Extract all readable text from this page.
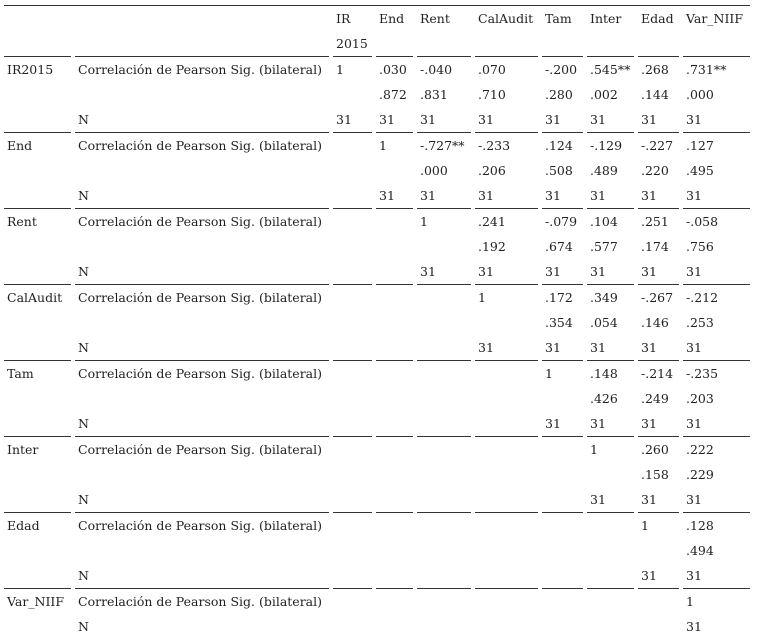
				IR		End		Rent		CalAudit		Tam		Inter		Edad		Var_NIIF
				2015														
IR2015		Correlación de Pearson Sig. (bilateral)		1		.030		-.040		.070		-.200		.545**		.268		.731**
						.872		.831		.710		.280		.002		.144		.000
		N		31		31		31		31		31		31		31		31
End		Correlación de Pearson Sig. (bilateral)				1		-.727**		-.233		.124		-.129		-.227		.127
								.000		.206		.508		.489		.220		.495
		N				31		31		31		31		31		31		31
Rent		Correlación de Pearson Sig. (bilateral)						1		.241		-.079		.104		.251		-.058
										.192		.674		.577		.174		.756
		N						31		31		31		31		31		31
CalAudit		Correlación de Pearson Sig. (bilateral)								1		.172		.349		-.267		-.212
												.354		.054		.146		.253
		N								31		31		31		31		31
Tam		Correlación de Pearson Sig. (bilateral)										1		.148		-.214		-.235
														.426		.249		.203
		N										31		31		31		31
Inter		Correlación de Pearson Sig. (bilateral)												1		.260		.222
																.158		.229
		N												31		31		31
Edad		Correlación de Pearson Sig. (bilateral)														1		.128
																		.494
		N														31		31
Var_NIIF		Correlación de Pearson Sig. (bilateral)																1
		N																31
